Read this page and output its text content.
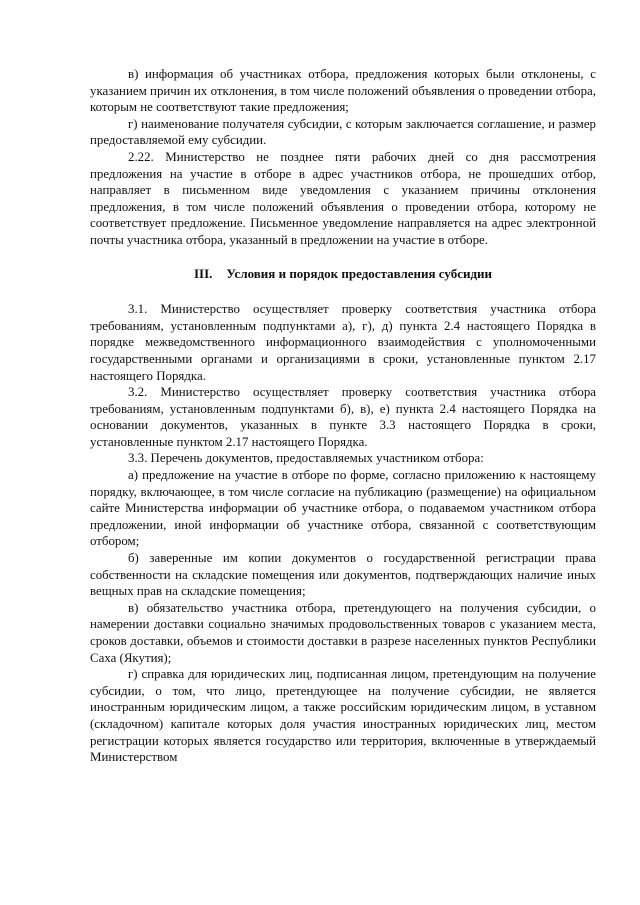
в) информация об участниках отбора, предложения которых были отклонены, с указанием причин их отклонения, в том числе положений объявления о проведении отбора, которым не соответствуют такие предложения;

г) наименование получателя субсидии, с которым заключается соглашение, и размер предоставляемой ему субсидии.

2.22. Министерство не позднее пяти рабочих дней со дня рассмотрения предложения на участие в отборе в адрес участников отбора, не прошедших отбор, направляет в письменном виде уведомления с указанием причины отклонения предложения, в том числе положений объявления о проведении отбора, которому не соответствует предложение. Письменное уведомление направляется на адрес электронной почты участника отбора, указанный в предложении на участие в отборе.

III. Условия и порядок предоставления субсидии

3.1. Министерство осуществляет проверку соответствия участника отбора требованиям, установленным подпунктами а), г), д) пункта 2.4 настоящего Порядка в порядке межведомственного информационного взаимодействия с уполномоченными государственными органами и организациями в сроки, установленные пунктом 2.17 настоящего Порядка.

3.2. Министерство осуществляет проверку соответствия участника отбора требованиям, установленным подпунктами б), в), е) пункта 2.4 настоящего Порядка на основании документов, указанных в пункте 3.3 настоящего Порядка в сроки, установленные пунктом 2.17 настоящего Порядка.

3.3. Перечень документов, предоставляемых участником отбора:

а) предложение на участие в отборе по форме, согласно приложению к настоящему порядку, включающее, в том числе согласие на публикацию (размещение) на официальном сайте Министерства информации об участнике отбора, о подаваемом участником отбора предложении, иной информации об участнике отбора, связанной с соответствующим отбором;

б) заверенные им копии документов о государственной регистрации права собственности на складские помещения или документов, подтверждающих наличие иных вещных прав на складские помещения;

в) обязательство участника отбора, претендующего на получения субсидии, о намерении доставки социально значимых продовольственных товаров с указанием места, сроков доставки, объемов и стоимости доставки в разрезе населенных пунктов Республики Саха (Якутия);

г) справка для юридических лиц, подписанная лицом, претендующим на получение субсидии, о том, что лицо, претендующее на получение субсидии, не является иностранным юридическим лицом, а также российским юридическим лицом, в уставном (складочном) капитале которых доля участия иностранных юридических лиц, местом регистрации которых является государство или территория, включенные в утверждаемый Министерством
